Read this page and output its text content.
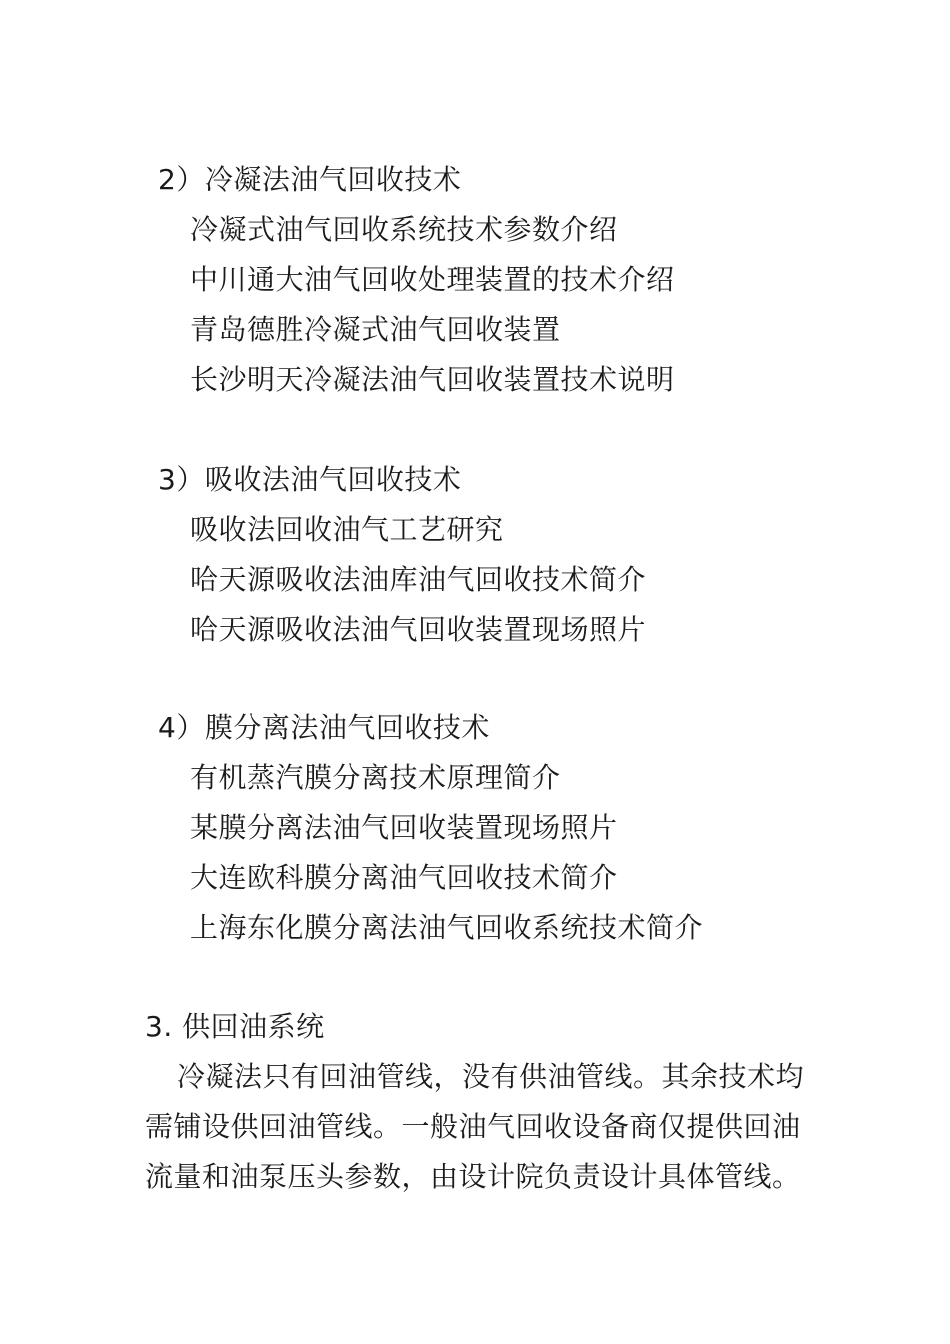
2）冷凝法油气回收技术
冷凝式油气回收系统技术参数介绍
中川通大油气回收处理装置的技术介绍
青岛德胜冷凝式油气回收装置
长沙明天冷凝法油气回收装置技术说明
3）吸收法油气回收技术
吸收法回收油气工艺研究
哈天源吸收法油库油气回收技术简介
哈天源吸收法油气回收装置现场照片
4）膜分离法油气回收技术
有机蒸汽膜分离技术原理简介
某膜分离法油气回收装置现场照片
大连欧科膜分离油气回收技术简介
上海东化膜分离法油气回收系统技术简介
3. 供回油系统
冷凝法只有回油管线，没有供油管线。其余技术均
需铺设供回油管线。一般油气回收设备商仅提供回油
流量和油泵压头参数，由设计院负责设计具体管线。
